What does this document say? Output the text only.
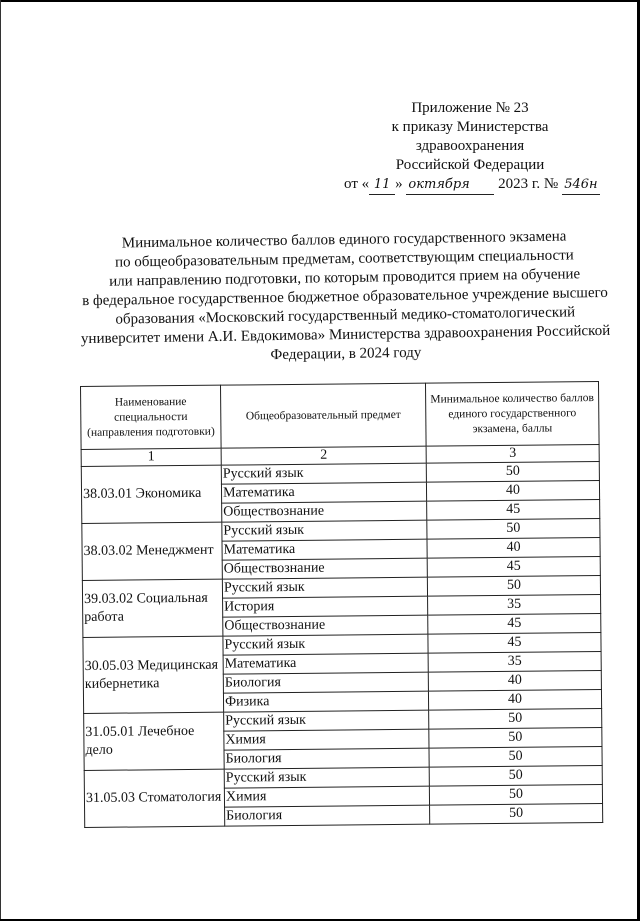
Приложение № 23
к приказу Министерства
здравоохранения
Российской Федерации
от « 11 » октября 2023 г. № 546н
Минимальное количество баллов единого государственного экзамена
по общеобразовательным предметам, соответствующим специальности
или направлению подготовки, по которым проводится прием на обучение
в федеральное государственное бюджетное образовательное учреждение высшего
образования «Московский государственный медико-стоматологический
университет имени А.И. Евдокимова» Министерства здравоохранения Российской
Федерации, в 2024 году
Наименование специальности (направления подготовки)	Общеобразовательный предмет	Минимальное количество баллов единого государственного экзамена, баллы
1	2	3
38.03.01 Экономика	Русский язык	50
	Математика	40
	Обществознание	45
38.03.02 Менеджмент	Русский язык	50
	Математика	40
	Обществознание	45
39.03.02 Социальная работа	Русский язык	50
	История	35
	Обществознание	45
30.05.03 Медицинская кибернетика	Русский язык	45
	Математика	35
	Биология	40
	Физика	40
31.05.01 Лечебное дело	Русский язык	50
	Химия	50
	Биология	50
31.05.03 Стоматология	Русский язык	50
	Химия	50
	Биология	50
